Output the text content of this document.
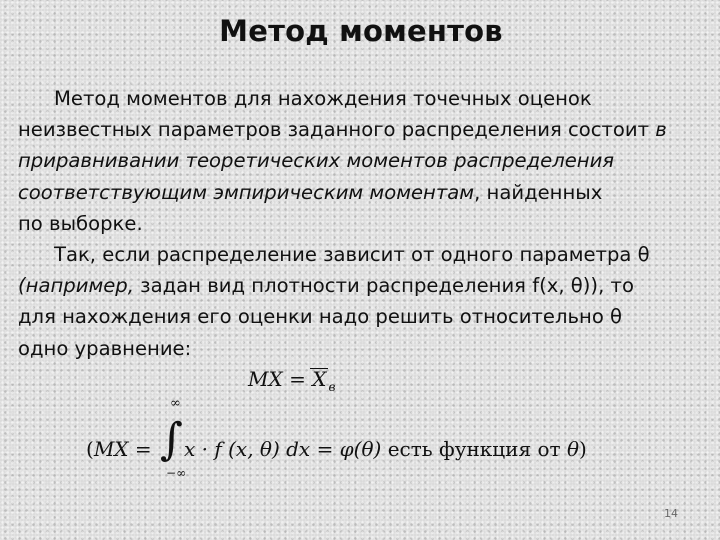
Метод моментов
Метод моментов для нахождения точечных оценок
неизвестных параметров заданного распределения состоит в
приравнивании теоретических моментов распределения
соответствующим эмпирическим моментам, найденных
по выборке.
Так, если распределение зависит от одного параметра θ
(например, задан вид плотности распределения f(x, θ)), то
для нахождения его оценки надо решить относительно θ
одно уравнение:
MX = X $_в$
(MX = ∫
∞
−∞
x · f (x, θ) dx = φ(θ) есть функция от θ)
14
